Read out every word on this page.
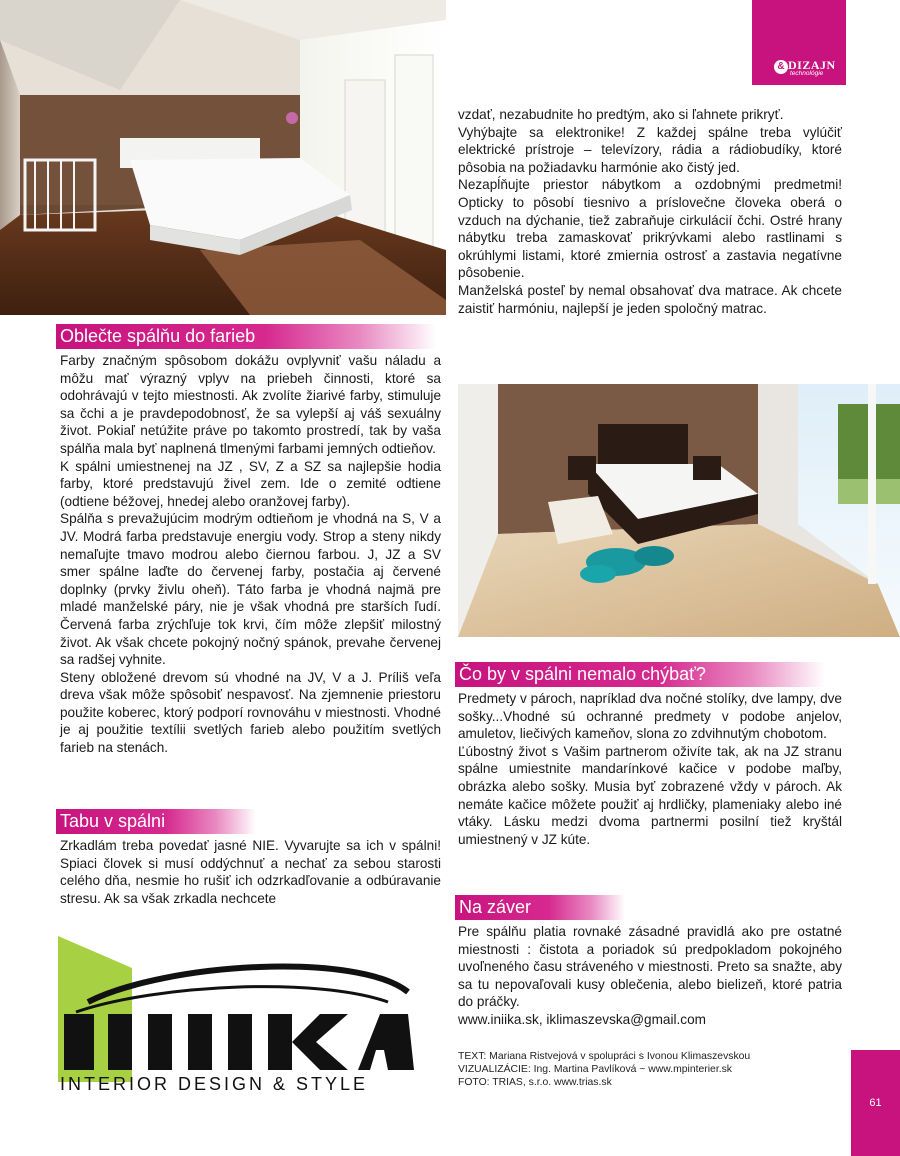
& DIZAJN
technológie
Oblečte spálňu do farieb

Farby značným spôsobom dokážu ovplyvniť vašu náladu a môžu mať výrazný vplyv na priebeh činnosti, ktoré sa odohrávajú v tejto miestnosti. Ak zvolíte žiarivé farby, stimuluje sa čchi a je pravdepodobnosť, že sa vylepší aj váš sexuálny život. Pokiaľ netúžite práve po takomto prostredí, tak by vaša spálňa mala byť naplnená tlmenými farbami jemných odtieňov.

K spálni umiestnenej na JZ , SV, Z a SZ sa najlepšie hodia farby, ktoré predstavujú živel zem. Ide o zemité odtiene (odtiene béžovej, hnedej alebo oranžovej farby).

Spálňa s prevažujúcim modrým odtieňom je vhodná na S, V a JV. Modrá farba predstavuje energiu vody. Strop a steny nikdy nemaľujte tmavo modrou alebo čiernou farbou. J, JZ a SV smer spálne laďte do červenej farby, postačia aj červené doplnky (prvky živlu oheň). Táto farba je vhodná najmä pre mladé manželské páry, nie je však vhodná pre starších ľudí. Červená farba zrýchľuje tok krvi, čím môže zlepšiť milostný život. Ak však chcete pokojný nočný spánok, prevahe červenej sa radšej vyhnite.

Steny obložené drevom sú vhodné na JV, V a J. Príliš veľa dreva však môže spôsobiť nespavosť. Na zjemnenie priestoru použite koberec, ktorý podporí rovnováhu v miestnosti. Vhodné je aj použitie textílii svetlých farieb alebo použitím svetlých farieb na stenách.

Tabu v spálni

Zrkadlám treba povedať jasné NIE. Vyvarujte sa ich v spálni! Spiaci človek si musí oddýchnuť a nechať za sebou starosti celého dňa, nesmie ho rušiť ich odzrkadľovanie a odbúravanie stresu. Ak sa však zrkadla nechcete

INTERIOR DESIGN & STYLE

vzdať, nezabudnite ho predtým, ako si ľahnete prikryť.

Vyhýbajte sa elektronike! Z každej spálne treba vylúčiť elektrické prístroje – televízory, rádia a rádiobudíky, ktoré pôsobia na požiadavku harmónie ako čistý jed.

Nezapĺňujte priestor nábytkom a ozdobnými predmetmi! Opticky to pôsobí tiesnivo a príslovečne človeka oberá o vzduch na dýchanie, tiež zabraňuje cirkulácií čchi. Ostré hrany nábytku treba zamaskovať prikrývkami alebo rastlinami s okrúhlymi listami, ktoré zmiernia ostrosť a zastavia negatívne pôsobenie.

Manželská posteľ by nemal obsahovať dva matrace. Ak chcete zaistiť harmóniu, najlepší je jeden spoločný matrac.

Čo by v spálni nemalo chýbať?

Predmety v pároch, napríklad dva nočné stolíky, dve lampy, dve sošky...Vhodné sú ochranné predmety v podobe anjelov, amuletov, liečivých kameňov, slona zo zdvihnutým chobotom.

Ľúbostný život s Vašim partnerom oživíte tak, ak na JZ stranu spálne umiestnite mandarínkové kačice v podobe maľby, obrázka alebo sošky. Musia byť zobrazené vždy v pároch. Ak nemáte kačice môžete použiť aj hrdličky, plameniaky alebo iné vtáky. Lásku medzi dvoma partnermi posilní tiež kryštál umiestnený v JZ kúte.

Na záver

Pre spálňu platia rovnaké zásadné pravidlá ako pre ostatné miestnosti : čistota a poriadok sú predpokladom pokojného uvoľneného času stráveného v miestnosti. Preto sa snažte, aby sa tu nepovaľovali kusy oblečenia, alebo bielizeň, ktoré patria do práčky.

www.iniika.sk, iklimaszevska@gmail.com

TEXT: Mariana Ristvejová v spolupráci s Ivonou Klimaszevskou
VIZUALIZÁCIE: Ing. Martina Pavlíková ~ www.mpinterier.sk
FOTO: TRIAS, s.r.o. www.trias.sk
61
